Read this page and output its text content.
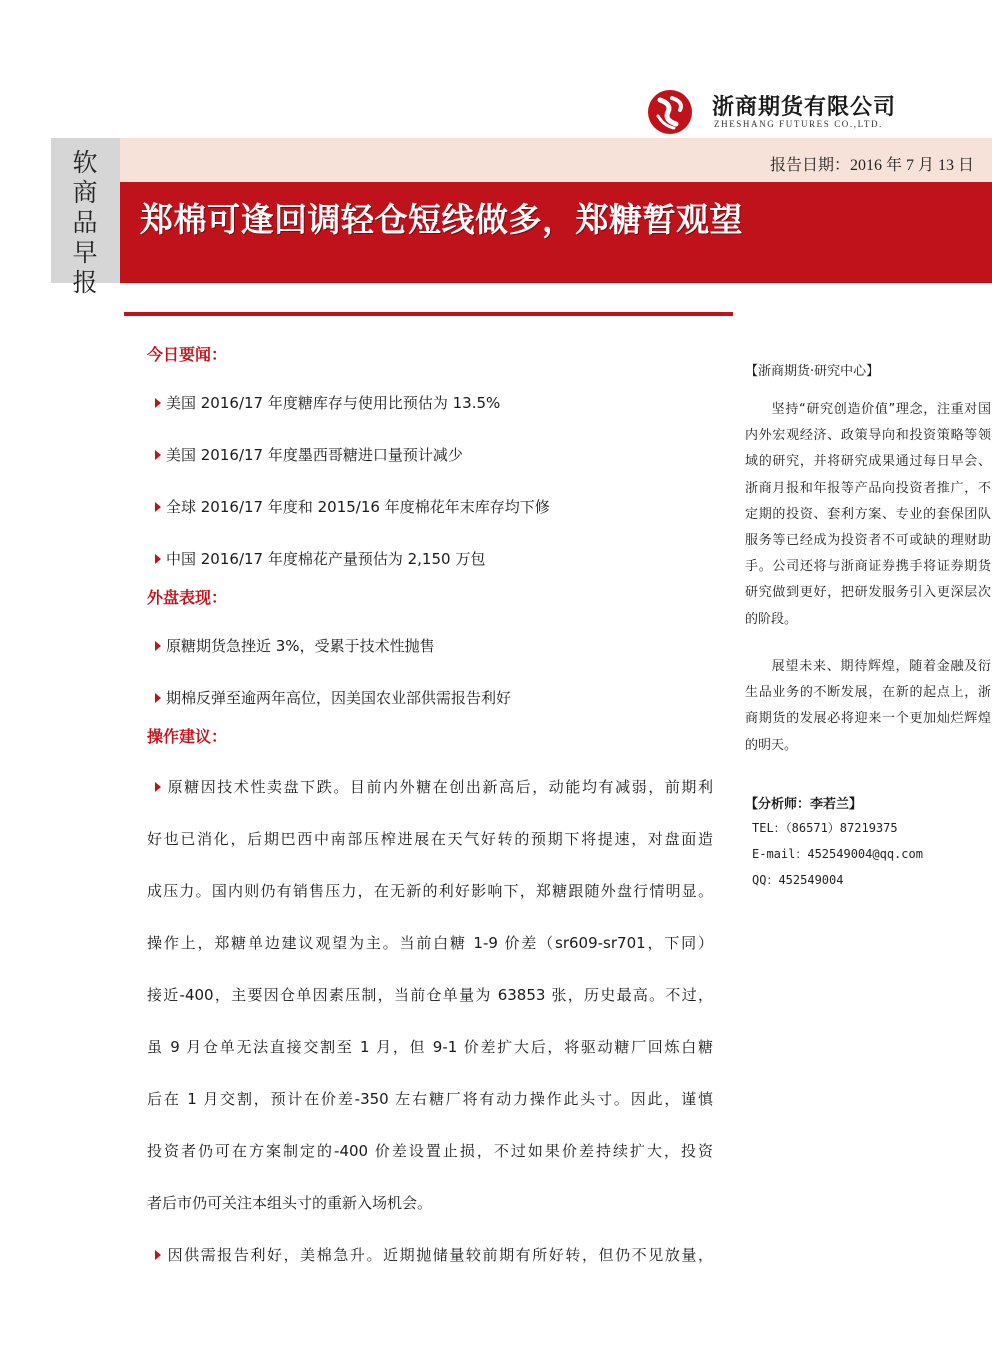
浙商期货有限公司
ZHESHANG FUTURES CO.,LTD.
软商品早报
报告日期：2016 年 7 月 13 日
郑棉可逢回调轻仓短线做多，郑糖暂观望
今日要闻：
美国 2016/17 年度糖库存与使用比预估为 13.5%
美国 2016/17 年度墨西哥糖进口量预计减少
全球 2016/17 年度和 2015/16 年度棉花年末库存均下修
中国 2016/17 年度棉花产量预估为 2,150 万包
外盘表现：
原糖期货急挫近 3%，受累于技术性抛售
期棉反弹至逾两年高位，因美国农业部供需报告利好
操作建议：
原糖因技术性卖盘下跌。目前内外糖在创出新高后，动能均有减弱，前期利
好也已消化，后期巴西中南部压榨进展在天气好转的预期下将提速，对盘面造
成压力。国内则仍有销售压力，在无新的利好影响下，郑糖跟随外盘行情明显。
操作上，郑糖单边建议观望为主。当前白糖 1-9 价差（sr609-sr701，下同）
接近-400，主要因仓单因素压制，当前仓单量为 63853 张，历史最高。不过，
虽 9 月仓单无法直接交割至 1 月，但 9-1 价差扩大后，将驱动糖厂回炼白糖
后在 1 月交割，预计在价差-350 左右糖厂将有动力操作此头寸。因此，谨慎
投资者仍可在方案制定的-400 价差设置止损，不过如果价差持续扩大，投资
者后市仍可关注本组头寸的重新入场机会。
因供需报告利好，美棉急升。近期抛储量较前期有所好转，但仍不见放量，
【浙商期货·研究中心】
坚持“研究创造价值”理念，注重对国内外宏观经济、政策导向和投资策略等领域的研究，并将研究成果通过每日早会、浙商月报和年报等产品向投资者推广，不定期的投资、套利方案、专业的套保团队服务等已经成为投资者不可或缺的理财助手。公司还将与浙商证券携手将证券期货研究做到更好，把研发服务引入更深层次的阶段。
展望未来、期待辉煌，随着金融及衍生品业务的不断发展，在新的起点上，浙商期货的发展必将迎来一个更加灿烂辉煌的明天。
【分析师：李若兰】
TEL：（86571）87219375
E-mail：452549004@qq.com
QQ：452549004
